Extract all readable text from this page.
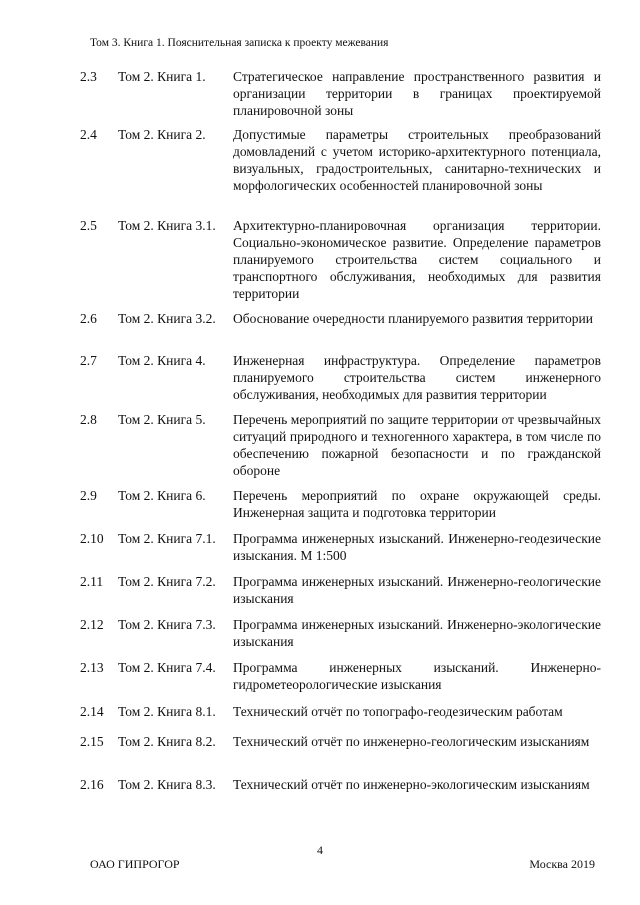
Том 3. Книга 1. Пояснительная записка к проекту межевания
2.3 Том 2. Книга 1. Стратегическое направление пространственного развития и организации территории в границах проектируемой планировочной зоны
2.4 Том 2. Книга 2. Допустимые параметры строительных преобразований домовладений с учетом историко-архитектурного потенциала, визуальных, градостроительных, санитарно-технических и морфологических особенностей планировочной зоны
2.5 Том 2. Книга 3.1. Архитектурно-планировочная организация территории. Социально-экономическое развитие. Определение параметров планируемого строительства систем социального и транспортного обслуживания, необходимых для развития территории
2.6 Том 2. Книга 3.2. Обоснование очередности планируемого развития территории
2.7 Том 2. Книга 4. Инженерная инфраструктура. Определение параметров планируемого строительства систем инженерного обслуживания, необходимых для развития территории
2.8 Том 2. Книга 5. Перечень мероприятий по защите территории от чрезвычайных ситуаций природного и техногенного характера, в том числе по обеспечению пожарной безопасности и по гражданской обороне
2.9 Том 2. Книга 6. Перечень мероприятий по охране окружающей среды. Инженерная защита и подготовка территории
2.10 Том 2. Книга 7.1. Программа инженерных изысканий. Инженерно-геодезические изыскания. М 1:500
2.11 Том 2. Книга 7.2. Программа инженерных изысканий. Инженерно-геологические изыскания
2.12 Том 2. Книга 7.3. Программа инженерных изысканий. Инженерно-экологические изыскания
2.13 Том 2. Книга 7.4. Программа инженерных изысканий. Инженерно-гидрометеорологические изыскания
2.14 Том 2. Книга 8.1. Технический отчёт по топографо-геодезическим работам
2.15 Том 2. Книга 8.2. Технический отчёт по инженерно-геологическим изысканиям
2.16 Том 2. Книга 8.3. Технический отчёт по инженерно-экологическим изысканиям
4
ОАО ГИПРОГОР	Москва 2019
